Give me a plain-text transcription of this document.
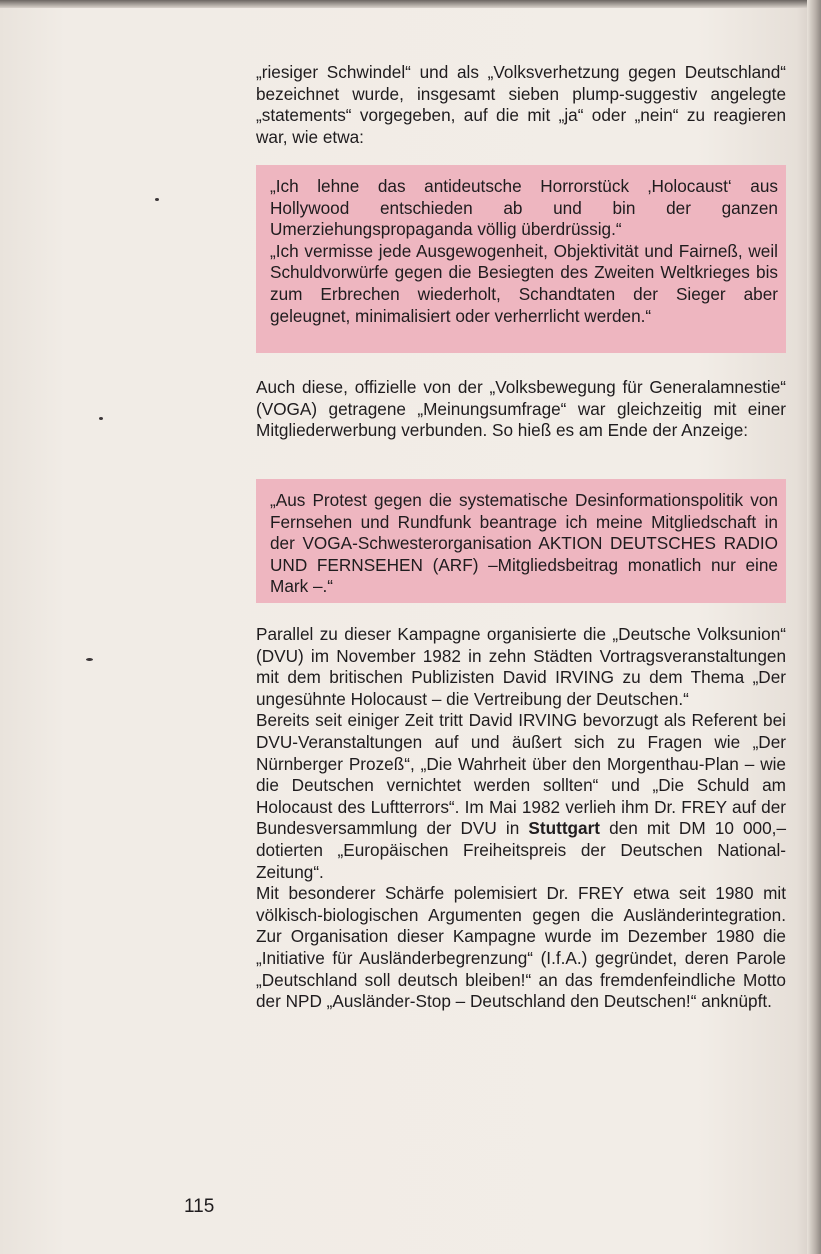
„riesiger Schwindel“ und als „Volksverhetzung gegen Deutschland“ bezeichnet wurde, insgesamt sieben plump-suggestiv angelegte „statements“ vorgegeben, auf die mit „ja“ oder „nein“ zu reagieren war, wie etwa:

„Ich lehne das antideutsche Horrorstück ‚Holocaust‘ aus Hollywood entschieden ab und bin der ganzen Umerziehungspropaganda völlig überdrüssig.“

„Ich vermisse jede Ausgewogenheit, Objektivität und Fairneß, weil Schuldvorwürfe gegen die Besiegten des Zweiten Weltkrieges bis zum Erbrechen wiederholt, Schandtaten der Sieger aber geleugnet, minimalisiert oder verherrlicht werden.“

Auch diese, offizielle von der „Volksbewegung für Generalamnestie“ (VOGA) getragene „Meinungsumfrage“ war gleichzeitig mit einer Mitgliederwerbung verbunden. So hieß es am Ende der Anzeige:

„Aus Protest gegen die systematische Desinformationspolitik von Fernsehen und Rundfunk beantrage ich meine Mitgliedschaft in der VOGA-Schwesterorganisation AKTION DEUTSCHES RADIO UND FERNSEHEN (ARF) –Mitgliedsbeitrag monatlich nur eine Mark –.“

Parallel zu dieser Kampagne organisierte die „Deutsche Volksunion“ (DVU) im November 1982 in zehn Städten Vortragsveranstaltungen mit dem britischen Publizisten David IRVING zu dem Thema „Der ungesühnte Holocaust – die Vertreibung der Deutschen.“

Bereits seit einiger Zeit tritt David IRVING bevorzugt als Referent bei DVU-Veranstaltungen auf und äußert sich zu Fragen wie „Der Nürnberger Prozeß“, „Die Wahrheit über den Morgenthau-Plan – wie die Deutschen vernichtet werden sollten“ und „Die Schuld am Holocaust des Luftterrors“. Im Mai 1982 verlieh ihm Dr. FREY auf der Bundesversammlung der DVU in Stuttgart den mit DM 10 000,– dotierten „Europäischen Freiheitspreis der Deutschen National-Zeitung“.

Mit besonderer Schärfe polemisiert Dr. FREY etwa seit 1980 mit völkisch-biologischen Argumenten gegen die Ausländerintegration. Zur Organisation dieser Kampagne wurde im Dezember 1980 die „Initiative für Ausländerbegrenzung“ (I.f.A.) gegründet, deren Parole „Deutschland soll deutsch bleiben!“ an das fremdenfeindliche Motto der NPD „Ausländer-Stop – Deutschland den Deutschen!“ anknüpft.

115
